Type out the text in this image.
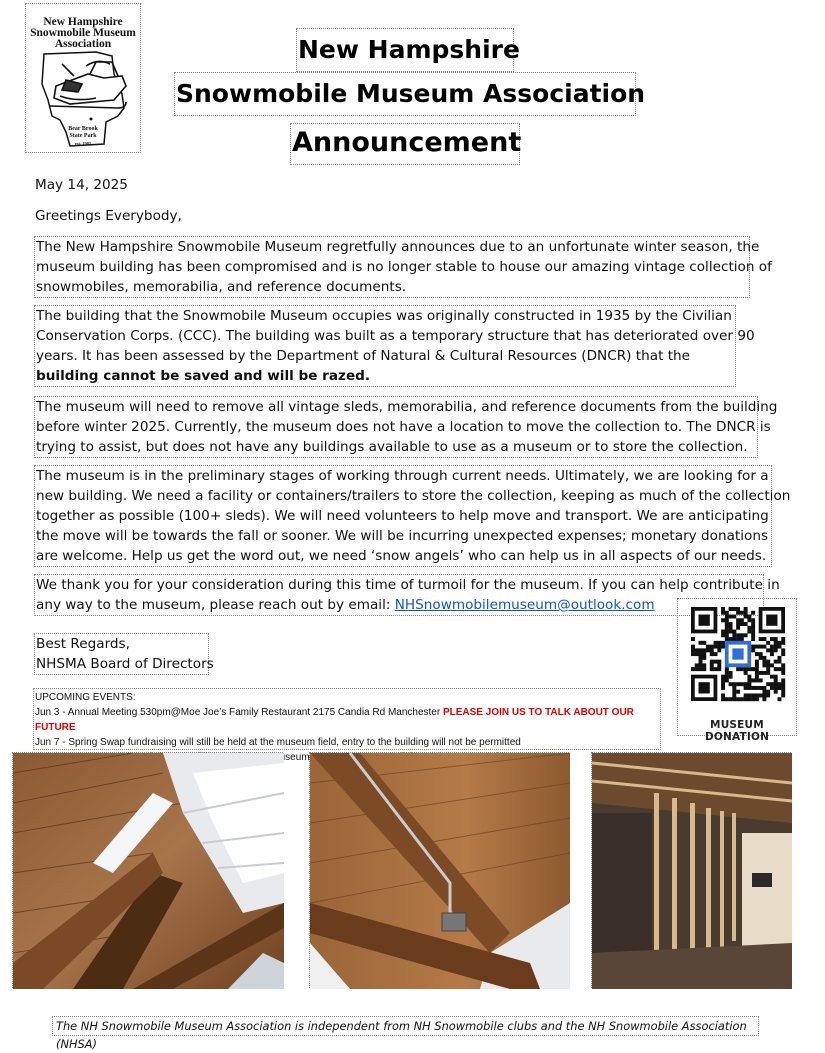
New Hampshire
Snowmobile Museum
Association
Bear Brook
State Park
est. 1985
New Hampshire
Snowmobile Museum Association
Announcement
May 14, 2025
Greetings Everybody,
The New Hampshire Snowmobile Museum regretfully announces due to an unfortunate winter season, the
museum building has been compromised and is no longer stable to house our amazing vintage collection of
snowmobiles, memorabilia, and reference documents.
The building that the Snowmobile Museum occupies was originally constructed in 1935 by the Civilian
Conservation Corps. (CCC). The building was built as a temporary structure that has deteriorated over 90
years. It has been assessed by the Department of Natural & Cultural Resources (DNCR) that the
building cannot be saved and will be razed.
The museum will need to remove all vintage sleds, memorabilia, and reference documents from the building
before winter 2025. Currently, the museum does not have a location to move the collection to. The DNCR is
trying to assist, but does not have any buildings available to use as a museum or to store the collection.
The museum is in the preliminary stages of working through current needs. Ultimately, we are looking for a
new building. We need a facility or containers/trailers to store the collection, keeping as much of the collection
together as possible (100+ sleds). We will need volunteers to help move and transport. We are anticipating
the move will be towards the fall or sooner. We will be incurring unexpected expenses; monetary donations
are welcome. Help us get the word out, we need ‘snow angels’ who can help us in all aspects of our needs.
We thank you for your consideration during this time of turmoil for the museum. If you can help contribute in
any way to the museum, please reach out by email: NHSnowmobilemuseum@outlook.com
Best Regards,
NHSMA Board of Directors
MUSEUM DONATION
UPCOMING EVENTS:
Jun 3 - Annual Meeting 530pm@Moe Joe’s Family Restaurant 2175 Candia Rd Manchester PLEASE JOIN US TO TALK ABOUT OUR FUTURE
Jun 7 - Spring Swap fundraising will still be held at the museum field, entry to the building will not be permitted
museum
The NH Snowmobile Museum Association is independent from NH Snowmobile clubs and the NH Snowmobile Association (NHSA)
